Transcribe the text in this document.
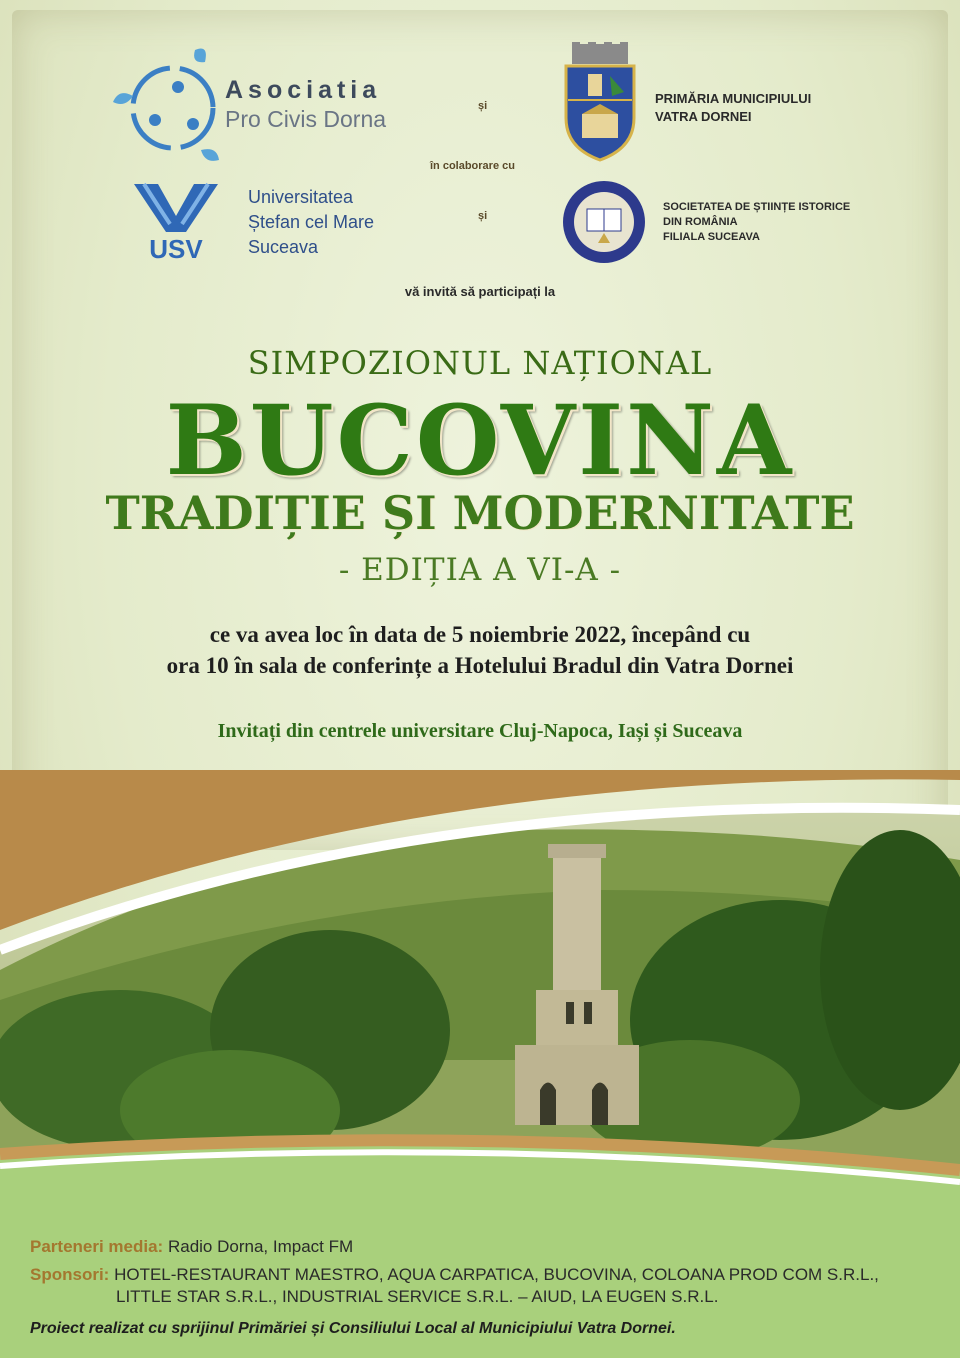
Asociatia
Pro Civis Dorna
USV
Universitatea
Ștefan cel Mare
Suceava
și
în colaborare cu
și
PRIMĂRIA MUNICIPIULUI
VATRA DORNEI
SOCIETATEA DE ȘTIINȚE ISTORICE
DIN ROMÂNIA
FILIALA SUCEAVA
vă invită să participați la
SIMPOZIONUL NAȚIONAL
BUCOVINA
TRADIȚIE ȘI MODERNITATE
- EDIȚIA A VI-A -
ce va avea loc în data de 5 noiembrie 2022, începând cu
ora 10 în sala de conferințe a Hotelului Bradul din Vatra Dornei
Invitați din centrele universitare Cluj-Napoca, Iași și Suceava
Parteneri media: Radio Dorna, Impact FM
Sponsori: HOTEL-RESTAURANT MAESTRO, AQUA CARPATICA, BUCOVINA, COLOANA PROD COM S.R.L.,
LITTLE STAR S.R.L., INDUSTRIAL SERVICE S.R.L. – AIUD, LA EUGEN S.R.L.
Proiect realizat cu sprijinul Primăriei și Consiliului Local al Municipiului Vatra Dornei.
